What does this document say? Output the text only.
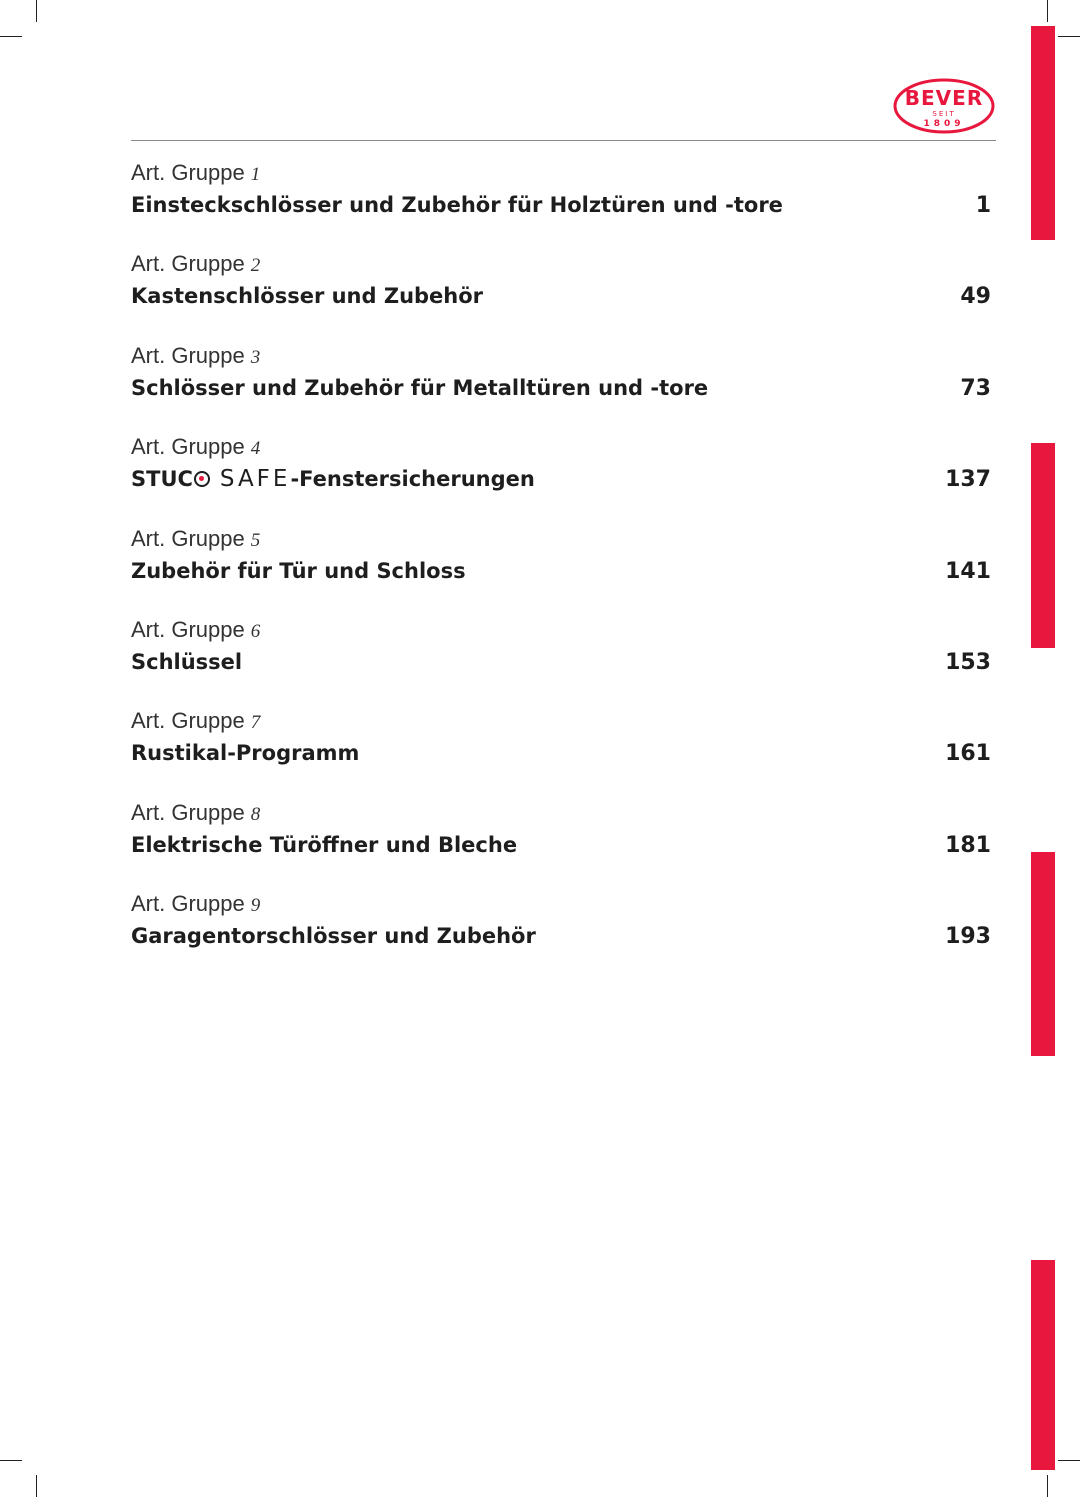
BEVER
SEIT
1809
Art. Gruppe 1
Einsteckschlösser und Zubehör für Holztüren und -tore	1
Art. Gruppe 2
Kastenschlösser und Zubehör	49
Art. Gruppe 3
Schlösser und Zubehör für Metalltüren und -tore	73
Art. Gruppe 4
STUC SAFE -Fenstersicherungen	137
Art. Gruppe 5
Zubehör für Tür und Schloss	141
Art. Gruppe 6
Schlüssel	153
Art. Gruppe 7
Rustikal-Programm	161
Art. Gruppe 8
Elektrische Türöffner und Bleche	181
Art. Gruppe 9
Garagentorschlösser und Zubehör	193
